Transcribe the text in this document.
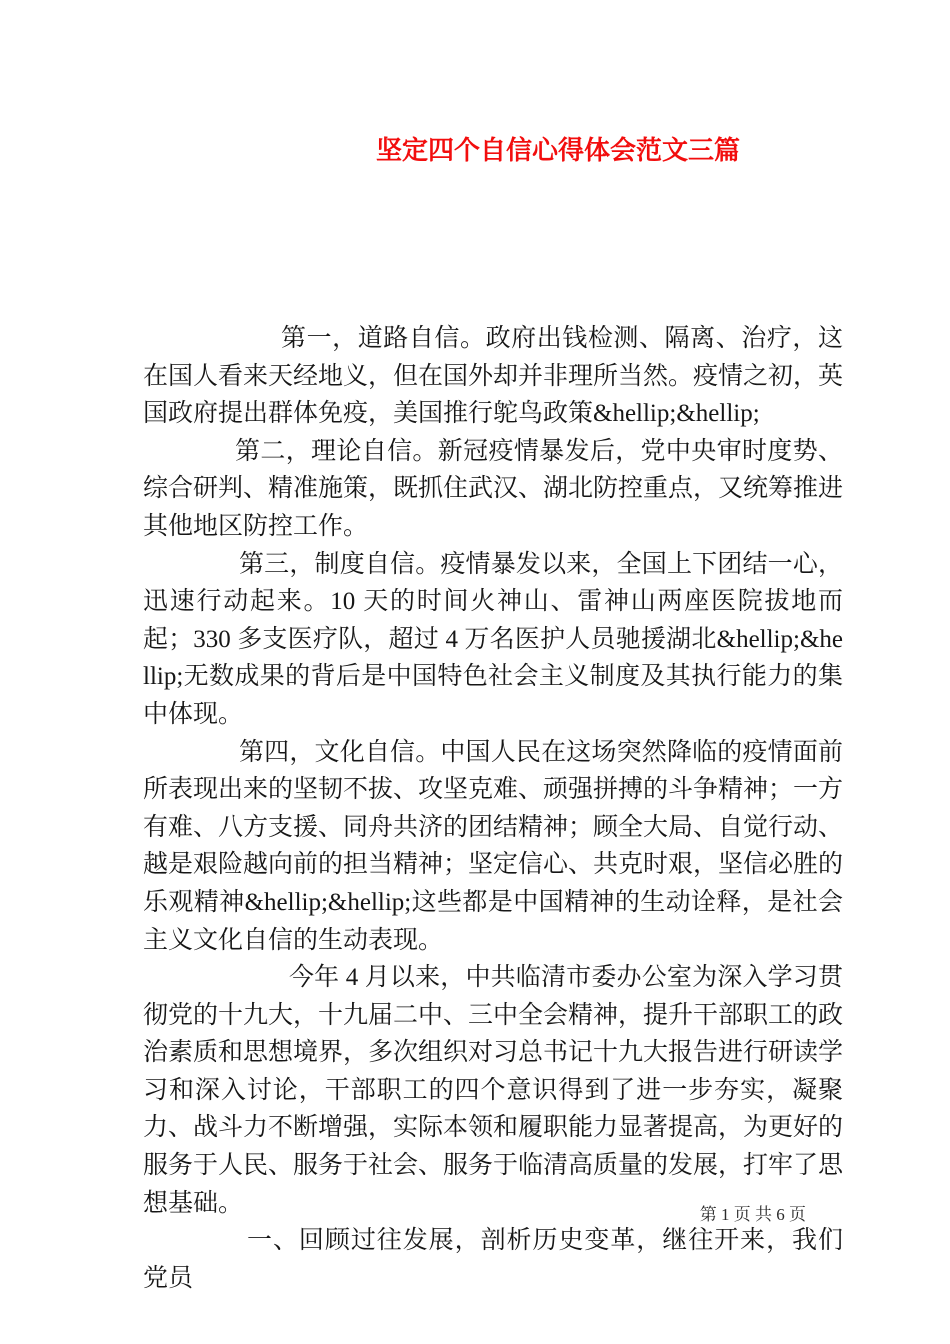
坚定四个自信心得体会范文三篇

第一，道路自信。政府出钱检测、隔离、治疗，这在国人看来天经地义，但在国外却并非理所当然。疫情之初，英国政府提出群体免疫，美国推行鸵鸟政策&hellip;&hellip;

第二，理论自信。新冠疫情暴发后，党中央审时度势、综合研判、精准施策，既抓住武汉、湖北防控重点，又统筹推进其他地区防控工作。

第三，制度自信。疫情暴发以来，全国上下团结一心，迅速行动起来。10 天的时间火神山、雷神山两座医院拔地而起；330 多支医疗队，超过 4 万名医护人员驰援湖北&hellip;&hellip;无数成果的背后是中国特色社会主义制度及其执行能力的集中体现。

第四，文化自信。中国人民在这场突然降临的疫情面前所表现出来的坚韧不拔、攻坚克难、顽强拼搏的斗争精神；一方有难、八方支援、同舟共济的团结精神；顾全大局、自觉行动、越是艰险越向前的担当精神；坚定信心、共克时艰，坚信必胜的乐观精神&hellip;&hellip;这些都是中国精神的生动诠释，是社会主义文化自信的生动表现。

今年 4 月以来，中共临清市委办公室为深入学习贯彻党的十九大，十九届二中、三中全会精神，提升干部职工的政治素质和思想境界，多次组织对习总书记十九大报告进行研读学习和深入讨论，干部职工的四个意识得到了进一步夯实，凝聚力、战斗力不断增强，实际本领和履职能力显著提高，为更好的服务于人民、服务于社会、服务于临清高质量的发展，打牢了思想基础。

一、回顾过往发展，剖析历史变革，继往开来，我们党员

第 1 页 共 6 页
